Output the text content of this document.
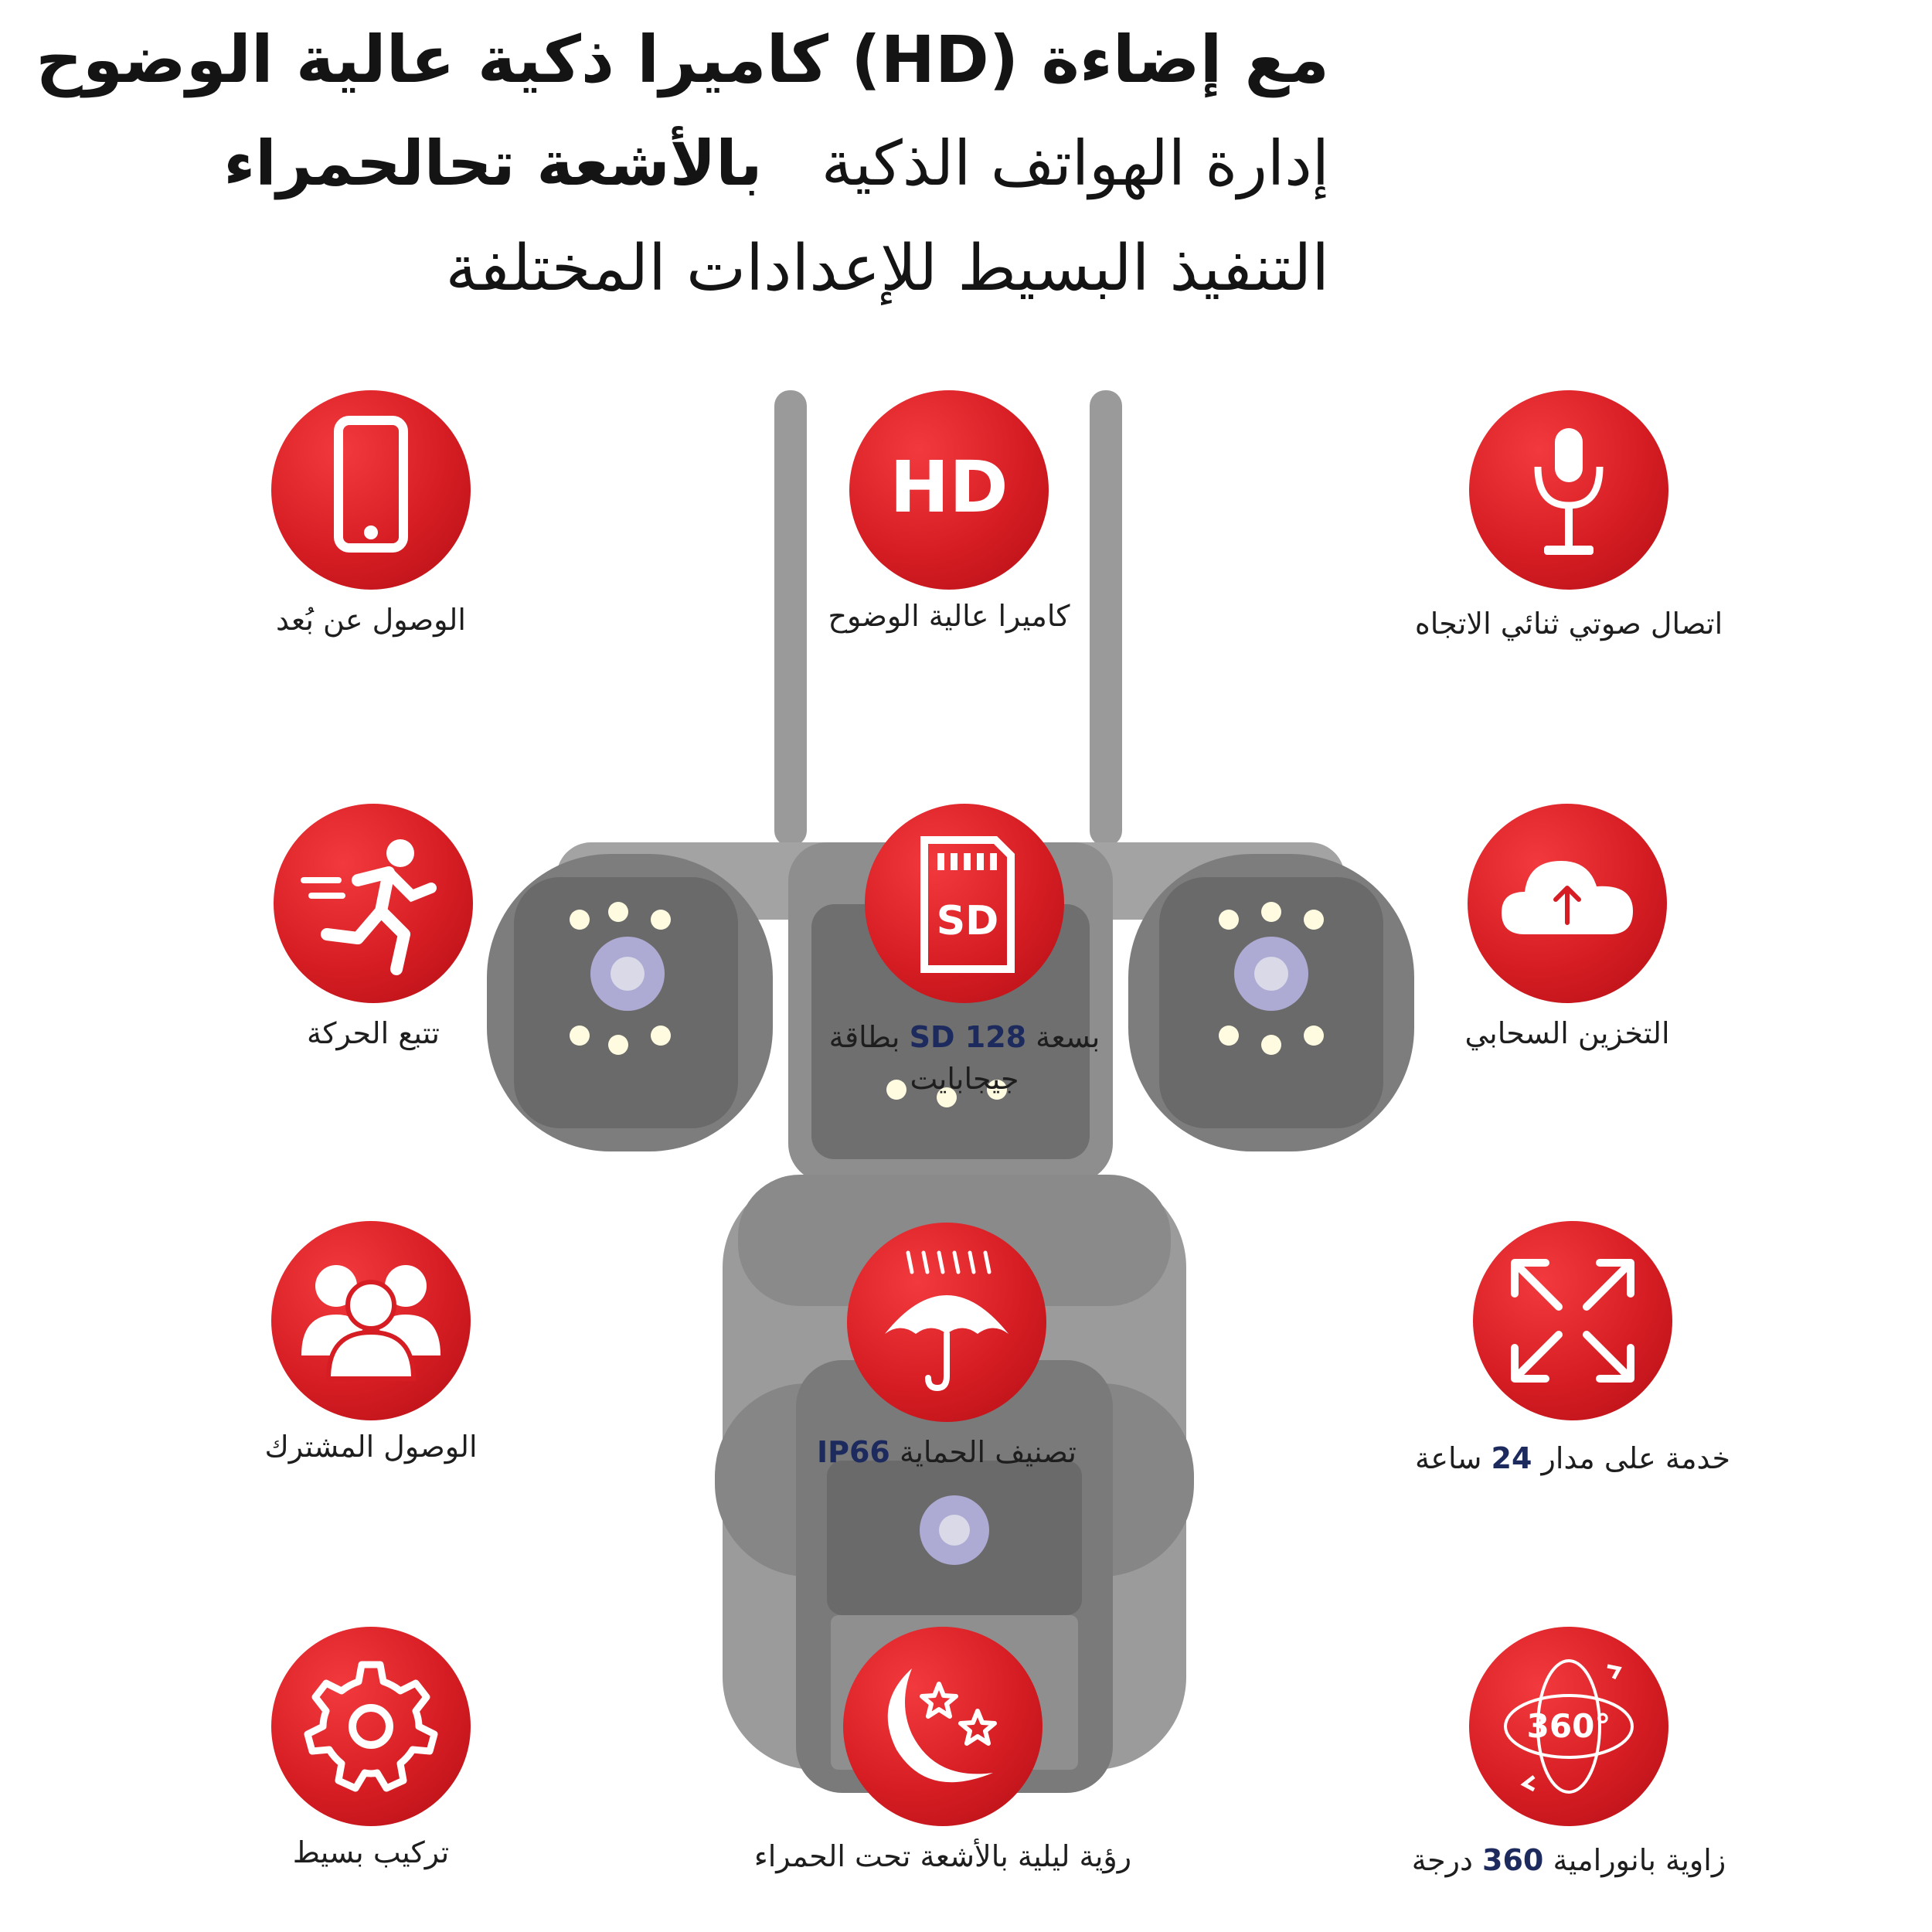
مع إضاءة (HD) كاميرا ذكية عالية الوضوح
إدارة الهواتف الذكية   بالأشعة تحالحمراء
التنفيذ البسيط للإعدادات المختلفة
الوصول عن بُعد
HD
كاميرا عالية الوضوح	اتصال صوتي ثنائي الاتجاه
تتبع الحركة
SD
بسعة SD 128 بطاقة
جيجابايت
التخزين السحابي
الوصول المشترك	تصنيف الحماية IP66	خدمة على مدار 24 ساعة
تركيب بسيط	رؤية ليلية بالأشعة تحت الحمراء
360°
زاوية بانورامية 360 درجة
